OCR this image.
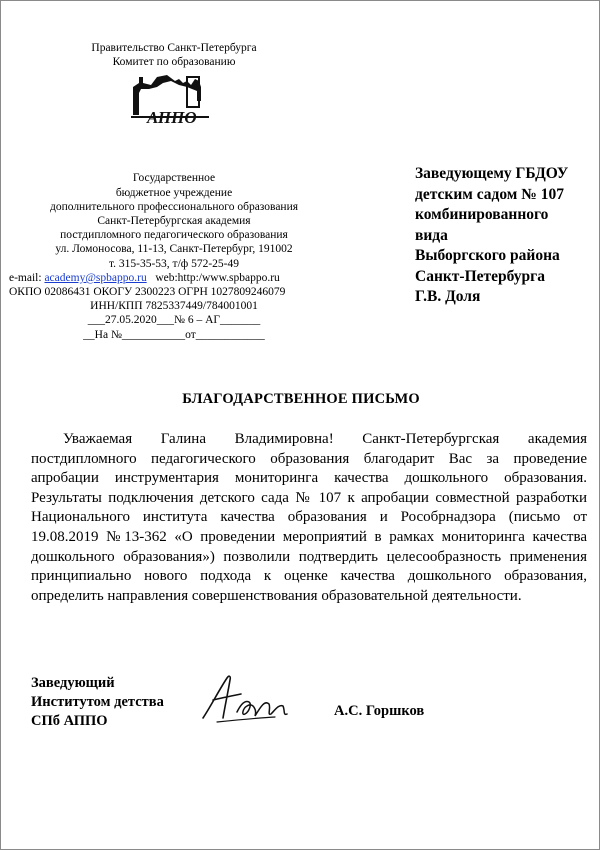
Правительство Санкт-Петербурга
Комитет по образованию
АППО
Государственное
бюджетное учреждение
дополнительного профессионального образования
Санкт-Петербургская академия
постдипломного педагогического образования
ул. Ломоносова, 11-13, Санкт-Петербург, 191002
т. 315-35-53, т/ф 572-25-49
e-mail: academy@spbappo.ru web:http:/www.spbappo.ru
ОКПО 02086431 ОКОГУ 2300223 ОГРН 1027809246079
ИНН/КПП 7825337449/784001001
___27.05.2020___№ 6 – АГ_______
__На №___________от____________
Заведующему ГБДОУ
детским садом № 107
комбинированного
вида
Выборгского района
Санкт-Петербурга
Г.В. Доля
БЛАГОДАРСТВЕННОЕ ПИСЬМО
Уважаемая Галина Владимировна! Санкт-Петербургская академия постдипломного педагогического образования благодарит Вас за проведение апробации инструментария мониторинга качества дошкольного образования. Результаты подключения детского сада № 107 к апробации совместной разработки Национального института качества образования и Рособрнадзора (письмо от 19.08.2019 №13-362 «О проведении мероприятий в рамках мониторинга качества дошкольного образования») позволили подтвердить целесообразность применения принципиально нового подхода к оценке качества дошкольного образования, определить направления совершенствования образовательной деятельности.
Заведующий
Институтом детства
СПб АППО
А.С. Горшков
